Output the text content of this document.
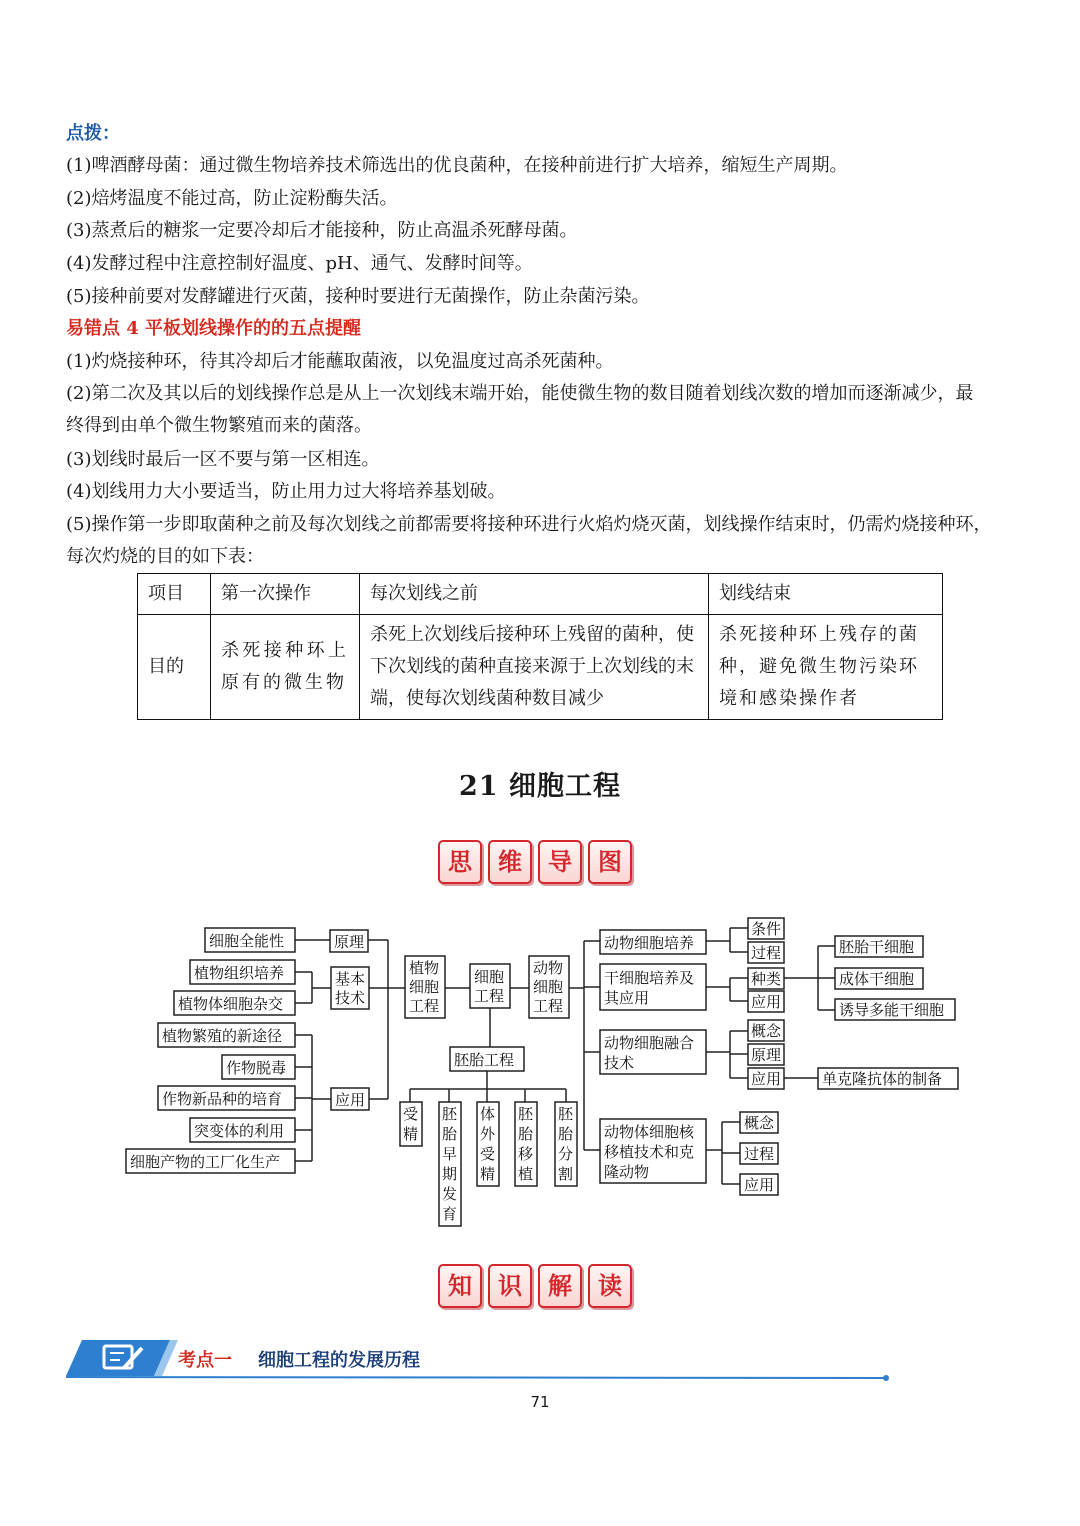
点拨：
(1)啤酒酵母菌：通过微生物培养技术筛选出的优良菌种，在接种前进行扩大培养，缩短生产周期。
(2)焙烤温度不能过高，防止淀粉酶失活。
(3)蒸煮后的糖浆一定要冷却后才能接种，防止高温杀死酵母菌。
(4)发酵过程中注意控制好温度、pH、通气、发酵时间等。
(5)接种前要对发酵罐进行灭菌，接种时要进行无菌操作，防止杂菌污染。
易错点 4 平板划线操作的的五点提醒
(1)灼烧接种环，待其冷却后才能蘸取菌液，以免温度过高杀死菌种。
(2)第二次及其以后的划线操作总是从上一次划线末端开始，能使微生物的数目随着划线次数的增加而逐渐减少，最
终得到由单个微生物繁殖而来的菌落。
(3)划线时最后一区不要与第一区相连。
(4)划线用力大小要适当，防止用力过大将培养基划破。
(5)操作第一步即取菌种之前及每次划线之前都需要将接种环进行火焰灼烧灭菌，划线操作结束时，仍需灼烧接种环，
每次灼烧的目的如下表：
项目	第一次操作	每次划线之前	划线结束
目的	杀死接种环上原有的微生物	杀死上次划线后接种环上残留的菌种，使下次划线的菌种直接来源于上次划线的末端，使每次划线菌种数目减少	杀死接种环上残存的菌种，避免微生物污染环境和感染操作者
21 细胞工程
思	维	导	图
细胞全能性
植物组织培养
植物体细胞杂交
植物繁殖的新途径
作物脱毒
作物新品种的培育
突变体的利用
细胞产物的工厂化生产
原理
基本
技术
应用
植物
细胞
工程
细胞
工程
动物
细胞
工程
胚胎工程
受
精
胚
胎
早
期
发
育
体
外
受
精
胚
胎
移
植
胚
胎
分
割
动物细胞培养
干细胞培养及
其应用
动物细胞融合
技术
动物体细胞核
移植技术和克
隆动物
条件
过程
种类
应用
胚胎干细胞
成体干细胞
诱导多能干细胞
概念
原理
应用	单克隆抗体的制备
概念
过程
应用
知	识	解	读
考点一 细胞工程的发展历程
71
